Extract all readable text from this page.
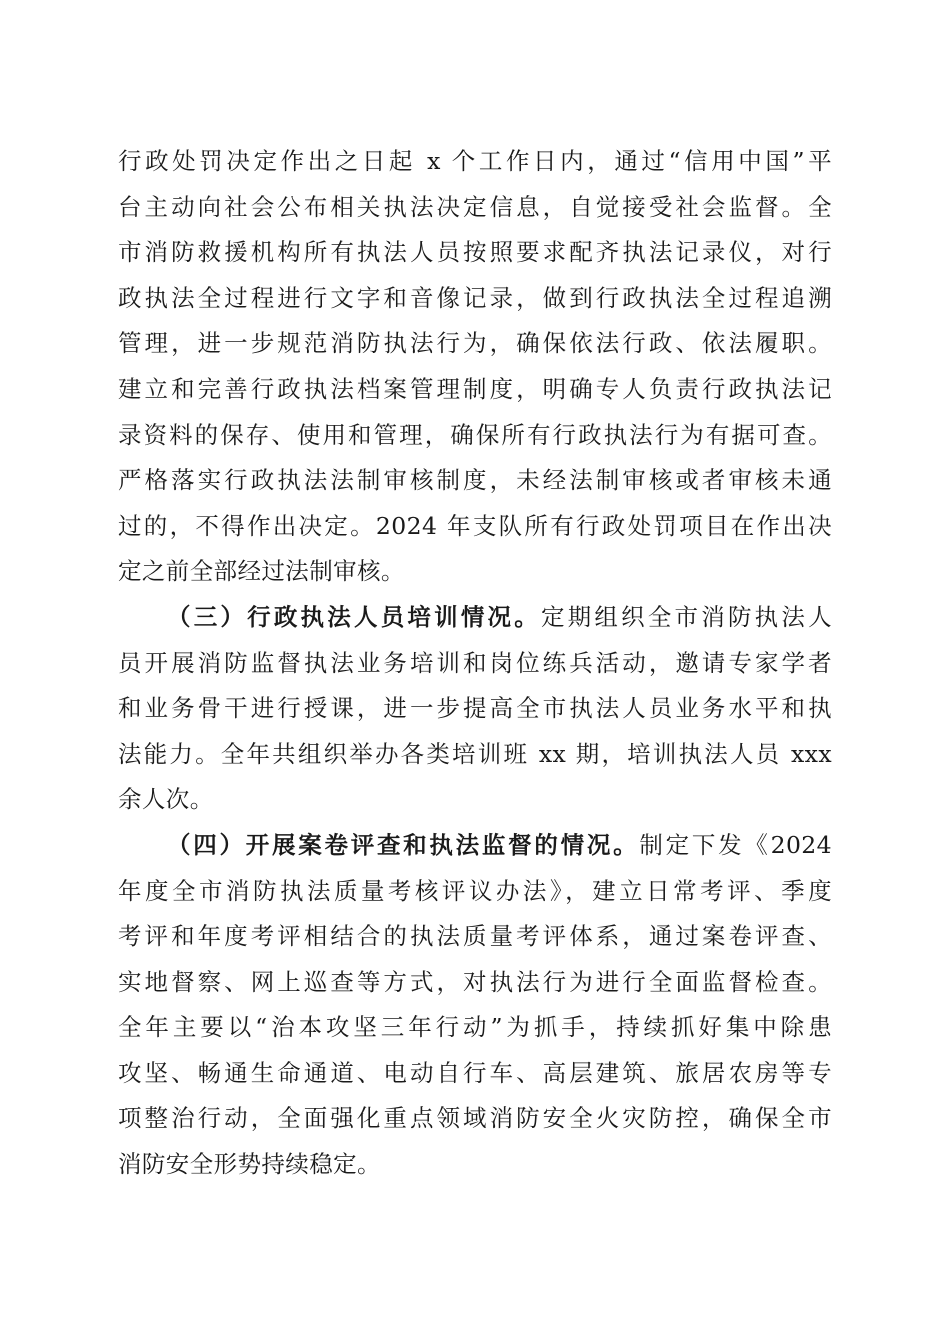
行政处罚决定作出之日起 x 个工作日内，通过“信用中国”平
台主动向社会公布相关执法决定信息，自觉接受社会监督。全
市消防救援机构所有执法人员按照要求配齐执法记录仪，对行
政执法全过程进行文字和音像记录，做到行政执法全过程追溯
管理，进一步规范消防执法行为，确保依法行政、依法履职。
建立和完善行政执法档案管理制度，明确专人负责行政执法记
录资料的保存、使用和管理，确保所有行政执法行为有据可查。
严格落实行政执法法制审核制度，未经法制审核或者审核未通
过的，不得作出决定。2024 年支队所有行政处罚项目在作出决
定之前全部经过法制审核。
（三）行政执法人员培训情况。定期组织全市消防执法人
员开展消防监督执法业务培训和岗位练兵活动，邀请专家学者
和业务骨干进行授课，进一步提高全市执法人员业务水平和执
法能力。全年共组织举办各类培训班 xx 期，培训执法人员 xxx
余人次。
（四）开展案卷评查和执法监督的情况。制定下发《2024
年度全市消防执法质量考核评议办法》，建立日常考评、季度
考评和年度考评相结合的执法质量考评体系，通过案卷评查、
实地督察、网上巡查等方式，对执法行为进行全面监督检查。
全年主要以“治本攻坚三年行动”为抓手，持续抓好集中除患
攻坚、畅通生命通道、电动自行车、高层建筑、旅居农房等专
项整治行动，全面强化重点领域消防安全火灾防控，确保全市
消防安全形势持续稳定。
